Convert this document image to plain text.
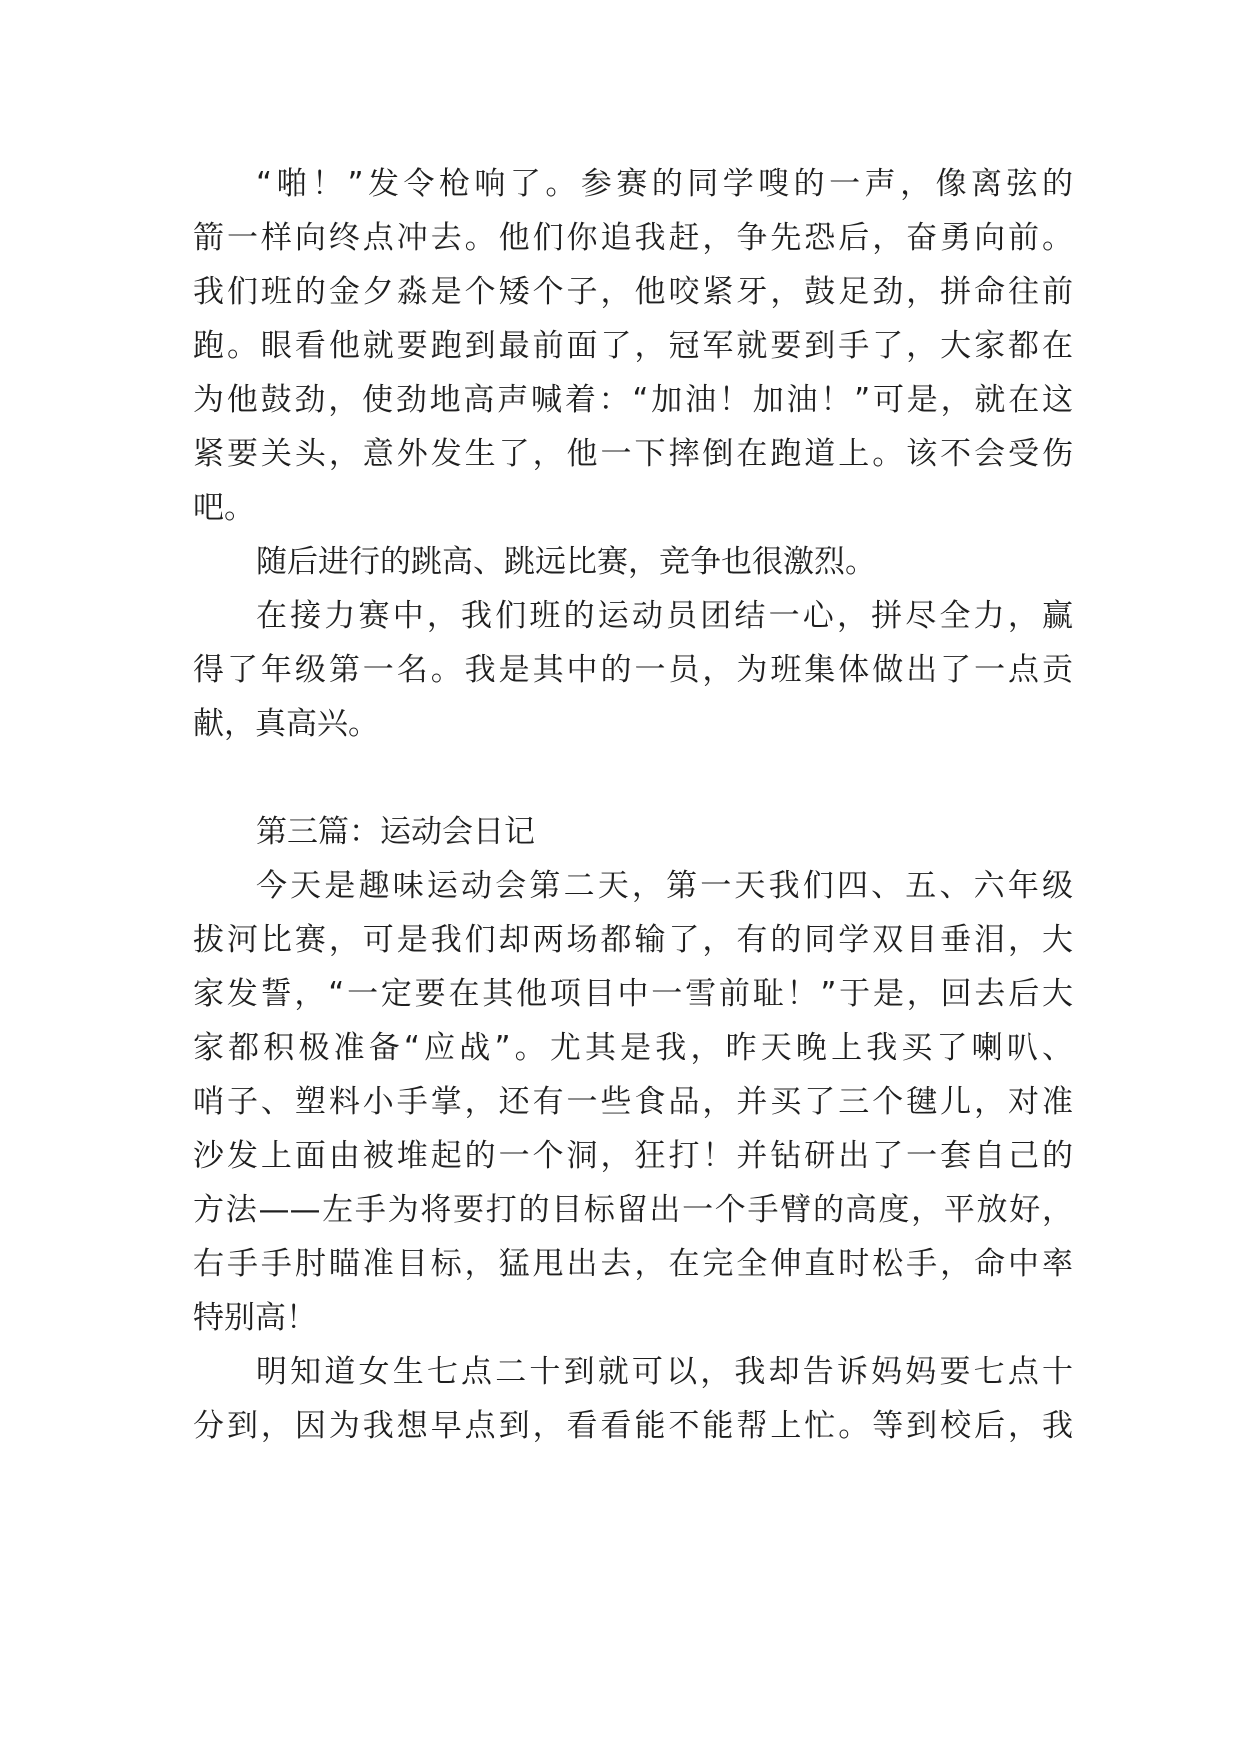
“啪！”发令枪响了。参赛的同学嗖的一声，像离弦的
箭一样向终点冲去。他们你追我赶，争先恐后，奋勇向前。
我们班的金夕淼是个矮个子，他咬紧牙，鼓足劲，拼命往前
跑。眼看他就要跑到最前面了，冠军就要到手了，大家都在
为他鼓劲，使劲地高声喊着：“加油！加油！”可是，就在这
紧要关头，意外发生了，他一下摔倒在跑道上。该不会受伤
吧。
随后进行的跳高、跳远比赛，竞争也很激烈。
在接力赛中，我们班的运动员团结一心，拼尽全力，赢
得了年级第一名。我是其中的一员，为班集体做出了一点贡
献，真高兴。
第三篇：运动会日记
今天是趣味运动会第二天，第一天我们四、五、六年级
拔河比赛，可是我们却两场都输了，有的同学双目垂泪，大
家发誓，“一定要在其他项目中一雪前耻！”于是，回去后大
家都积极准备“应战”。尤其是我，昨天晚上我买了喇叭、
哨子、塑料小手掌，还有一些食品，并买了三个毽儿，对准
沙发上面由被堆起的一个洞，狂打！并钻研出了一套自己的
方法——左手为将要打的目标留出一个手臂的高度，平放好，
右手手肘瞄准目标，猛甩出去，在完全伸直时松手，命中率
特别高！
明知道女生七点二十到就可以，我却告诉妈妈要七点十
分到，因为我想早点到，看看能不能帮上忙。等到校后，我
